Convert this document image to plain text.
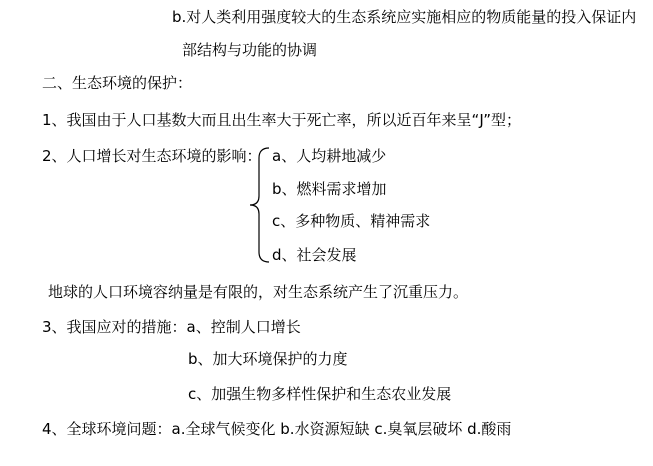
b.对人类利用强度较大的生态系统应实施相应的物质能量的投入保证内
部结构与功能的协调
二、生态环境的保护：
1、我国由于人口基数大而且出生率大于死亡率，所以近百年来呈“J”型；
2、人口增长对生态环境的影响： a、人均耕地减少
b、燃料需求增加
c、多种物质、精神需求
d、社会发展
地球的人口环境容纳量是有限的，对生态系统产生了沉重压力。
3、我国应对的措施：a、控制人口增长
b、加大环境保护的力度
c、加强生物多样性保护和生态农业发展
4、全球环境问题：a.全球气候变化 b.水资源短缺 c.臭氧层破坏 d.酸雨
